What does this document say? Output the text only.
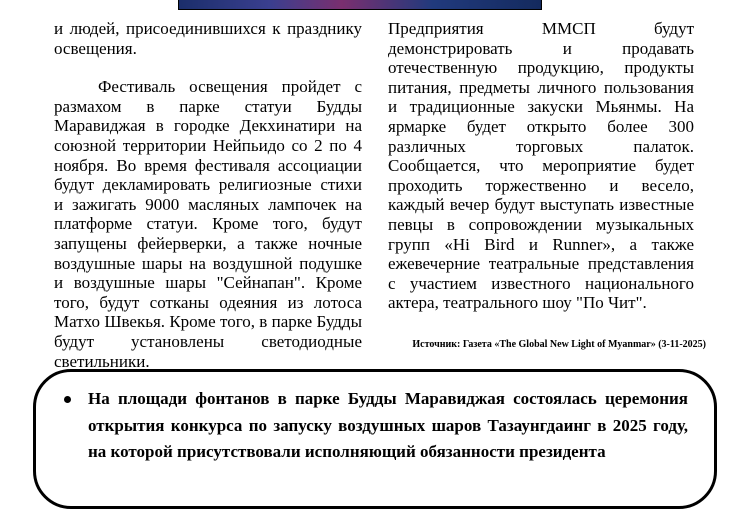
и людей, присоединившихся к празднику освещения.

Фестиваль освещения пройдет с размахом в парке статуи Будды Маравиджая в городке Декхинатири на союзной территории Нейпьидо со 2 по 4 ноября. Во время фестиваля ассоциации будут декламировать религиозные стихи и зажигать 9000 масляных лампочек на платформе статуи. Кроме того, будут запущены фейерверки, а также ночные воздушные шары на воздушной подушке и воздушные шары "Сейнапан". Кроме того, будут сотканы одеяния из лотоса Матхо Швекья. Кроме того, в парке Будды будут установлены светодиодные светильники.

Предприятия ММСП будут демонстрировать и продавать отечественную продукцию, продукты питания, предметы личного пользования и традиционные закуски Мьянмы. На ярмарке будет открыто более 300 различных торговых палаток. Сообщается, что мероприятие будет проходить торжественно и весело, каждый вечер будут выступать известные певцы в сопровождении музыкальных групп «Hi Bird и Runner», а также ежевечерние театральные представления с участием известного национального актера, театрального шоу "По Чит".

Источник: Газета «The Global New Light of Myanmar» (3-11-2025)
На площади фонтанов в парке Будды Маравиджая состоялась церемония открытия конкурса по запуску воздушных шаров Тазаунгдаинг в 2025 году, на которой присутствовали исполняющий обязанности президента
